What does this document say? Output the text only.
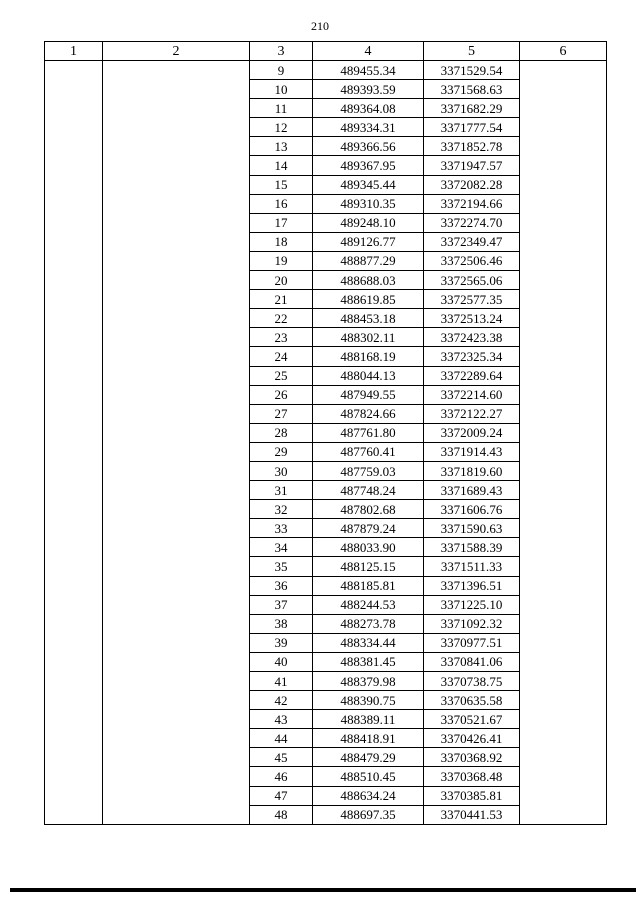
210
1	2	3	4	5	6
		9	489455.34	3371529.54	
		10	489393.59	3371568.63	
		11	489364.08	3371682.29	
		12	489334.31	3371777.54	
		13	489366.56	3371852.78	
		14	489367.95	3371947.57	
		15	489345.44	3372082.28	
		16	489310.35	3372194.66	
		17	489248.10	3372274.70	
		18	489126.77	3372349.47	
		19	488877.29	3372506.46	
		20	488688.03	3372565.06	
		21	488619.85	3372577.35	
		22	488453.18	3372513.24	
		23	488302.11	3372423.38	
		24	488168.19	3372325.34	
		25	488044.13	3372289.64	
		26	487949.55	3372214.60	
		27	487824.66	3372122.27	
		28	487761.80	3372009.24	
		29	487760.41	3371914.43	
		30	487759.03	3371819.60	
		31	487748.24	3371689.43	
		32	487802.68	3371606.76	
		33	487879.24	3371590.63	
		34	488033.90	3371588.39	
		35	488125.15	3371511.33	
		36	488185.81	3371396.51	
		37	488244.53	3371225.10	
		38	488273.78	3371092.32	
		39	488334.44	3370977.51	
		40	488381.45	3370841.06	
		41	488379.98	3370738.75	
		42	488390.75	3370635.58	
		43	488389.11	3370521.67	
		44	488418.91	3370426.41	
		45	488479.29	3370368.92	
		46	488510.45	3370368.48	
		47	488634.24	3370385.81	
		48	488697.35	3370441.53	
